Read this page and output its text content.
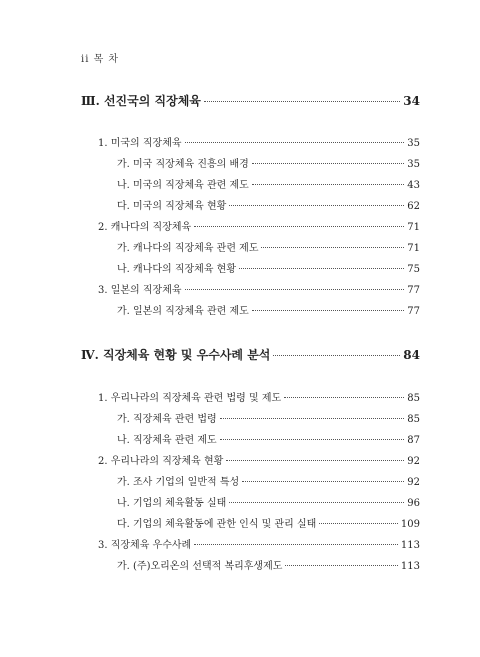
ii 목 차
Ⅲ. 선진국의 직장체육	34
1. 미국의 직장체육	35
가. 미국 직장체육 진흥의 배경	35
나. 미국의 직장체육 관련 제도	43
다. 미국의 직장체육 현황	62
2. 캐나다의 직장체육	71
가. 캐나다의 직장체육 관련 제도	71
나. 캐나다의 직장체육 현황	75
3. 일본의 직장체육	77
가. 일본의 직장체육 관련 제도	77
Ⅳ. 직장체육 현황 및 우수사례 분석	84
1. 우리나라의 직장체육 관련 법령 및 제도	85
가. 직장체육 관련 법령	85
나. 직장체육 관련 제도	87
2. 우리나라의 직장체육 현황	92
가. 조사 기업의 일반적 특성	92
나. 기업의 체육활동 실태	96
다. 기업의 체육활동에 관한 인식 및 관리 실태	109
3. 직장체육 우수사례	113
가. (주)오리온의 선택적 복리후생제도	113
